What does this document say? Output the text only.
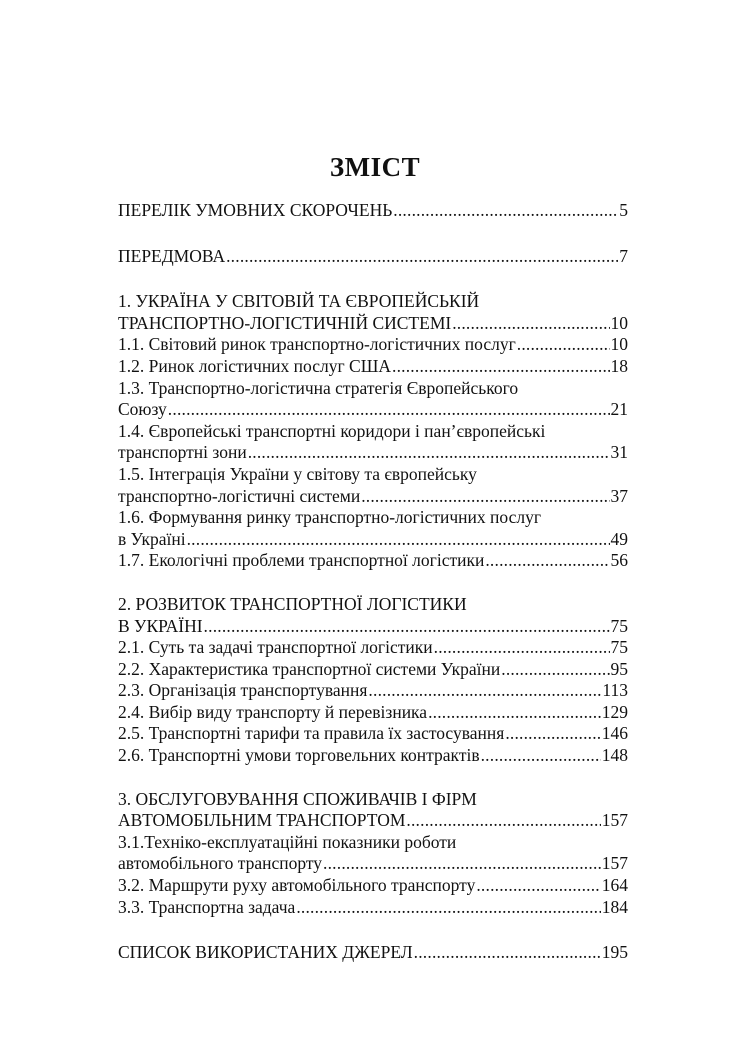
ЗМІСТ
ПЕРЕЛІК УМОВНИХ СКОРОЧЕНЬ .....	5
ПЕРЕДМОВА .....	7
1. УКРАЇНА У СВІТОВІЙ ТА ЄВРОПЕЙСЬКІЙ
ТРАНСПОРТНО-ЛОГІСТИЧНІЙ СИСТЕМІ .....	10
1.1. Світовий ринок транспортно-логістичних послуг .....	10
1.2. Ринок логістичних послуг США .....	18
1.3. Транспортно-логістична стратегія Європейського
Союзу .....	21
1.4. Європейські транспортні коридори і пан’європейські
транспортні зони .....	31
1.5. Інтеграція України у світову та європейську
транспортно-логістичні системи .....	37
1.6. Формування ринку транспортно-логістичних послуг
в Україні .....	49
1.7. Екологічні проблеми транспортної логістики .....	56
2. РОЗВИТОК ТРАНСПОРТНОЇ ЛОГІСТИКИ
В УКРАЇНІ .....	75
2.1. Суть та задачі транспортної логістики .....	75
2.2. Характеристика транспортної системи України .....	95
2.3. Організація транспортування .....	113
2.4. Вибір виду транспорту й перевізника .....	129
2.5. Транспортні тарифи та правила їх застосування .....	146
2.6. Транспортні умови торговельних контрактів .....	148
3. ОБСЛУГОВУВАННЯ СПОЖИВАЧІВ І ФІРМ
АВТОМОБІЛЬНИМ ТРАНСПОРТОМ .....	157
3.1.Техніко-експлуатаційні показники роботи
автомобільного транспорту .....	157
3.2. Маршрути руху автомобільного транспорту .....	164
3.3. Транспортна задача .....	184
СПИСОК ВИКОРИСТАНИХ ДЖЕРЕЛ .....	195
